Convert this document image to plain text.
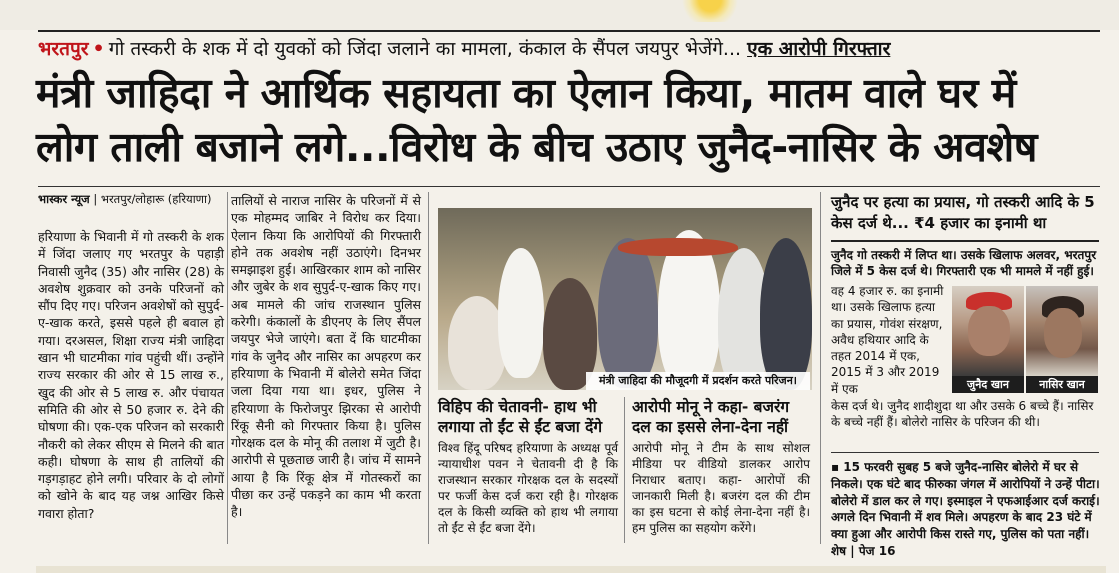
भरतपुर • गो तस्करी के शक में दो युवकों को जिंदा जलाने का मामला, कंकाल के सैंपल जयपुर भेजेंगे... एक आरोपी गिरफ्तार
मंत्री जाहिदा ने आर्थिक सहायता का ऐलान किया, मातम वाले घर में
लोग ताली बजाने लगे...विरोध के बीच उठाए जुनैद-नासिर के अवशेष
भास्कर न्यूज | भरतपुर/लोहारू (हरियाणा)
हरियाणा के भिवानी में गो तस्करी के शक में जिंदा जलाए गए भरतपुर के पहाड़ी निवासी जुनैद (35) और नासिर (28) के अवशेष शुक्रवार को उनके परिजनों को सौंप दिए गए। परिजन अवशेषों को सुपुर्द-ए-खाक करते, इससे पहले ही बवाल हो गया। दरअसल, शिक्षा राज्य मंत्री जाहिदा खान भी घाटमीका गांव पहुंची थीं। उन्होंने राज्य सरकार की ओर से 15 लाख रु., खुद की ओर से 5 लाख रु. और पंचायत समिति की ओर से 50 हजार रु. देने की घोषणा की। एक-एक परिजन को सरकारी नौकरी को लेकर सीएम से मिलने की बात कही। घोषणा के साथ ही तालियों की गड़गड़ाहट होने लगी। परिवार के दो लोगों को खोने के बाद यह जश्न आखिर किसे गवारा होता?
तालियों से नाराज नासिर के परिजनों में से एक मोहम्मद जाबिर ने विरोध कर दिया। ऐलान किया कि आरोपियों की गिरफ्तारी होने तक अवशेष नहीं उठाएंगे। दिनभर समझाइश हुई। आखिरकार शाम को नासिर और जुबेर के शव सुपुर्द-ए-खाक किए गए। अब मामले की जांच राजस्थान पुलिस करेगी। कंकालों के डीएनए के लिए सैंपल जयपुर भेजे जाएंगे। बता दें कि घाटमीका गांव के जुनैद और नासिर का अपहरण कर हरियाणा के भिवानी में बोलेरो समेत जिंदा जला दिया गया था। इधर, पुलिस ने हरियाणा के फिरोजपुर झिरका से आरोपी रिंकू सैनी को गिरफ्तार किया है। पुलिस गोरक्षक दल के मोनू की तलाश में जुटी है। आरोपी से पूछताछ जारी है। जांच में सामने आया है कि रिंकू क्षेत्र में गोतस्करों का पीछा कर उन्हें पकड़ने का काम भी करता है।
मंत्री जाहिदा की मौजूदगी में प्रदर्शन करते परिजन।
विहिप की चेतावनी- हाथ भी लगाया तो ईंट से ईंट बजा देंगे
विश्व हिंदू परिषद हरियाणा के अध्यक्ष पूर्व न्यायाधीश पवन ने चेतावनी दी है कि राजस्थान सरकार गोरक्षक दल के सदस्यों पर फर्जी केस दर्ज करा रही है। गोरक्षक दल के किसी व्यक्ति को हाथ भी लगाया तो ईंट से ईंट बजा देंगे।
आरोपी मोनू ने कहा- बजरंग दल का इससे लेना-देना नहीं
आरोपी मोनू ने टीम के साथ सोशल मीडिया पर वीडियो डालकर आरोप निराधार बताए। कहा- आरोपों की जानकारी मिली है। बजरंग दल की टीम का इस घटना से कोई लेना-देना नहीं है। हम पुलिस का सहयोग करेंगे।
जुनैद पर हत्या का प्रयास, गो तस्करी आदि के 5 केस दर्ज थे... ₹4 हजार का इनामी था
जुनैद गो तस्करी में लिप्त था। उसके खिलाफ अलवर, भरतपुर जिले में 5 केस दर्ज थे। गिरफ्तारी एक भी मामले में नहीं हुई।
वह 4 हजार रु. का इनामी था। उसके खिलाफ हत्या का प्रयास, गोवंश संरक्षण, अवैध हथियार आदि के तहत 2014 में एक, 2015 में 3 और 2019 में एक	जुनैद खान	नासिर खान
केस दर्ज थे। जुनैद शादीशुदा था और उसके 6 बच्चे हैं। नासिर के बच्चे नहीं हैं। बोलेरो नासिर के परिजन की थी।
▪ 15 फरवरी सुबह 5 बजे जुनैद-नासिर बोलेरो में घर से निकले। एक घंटे बाद फीरुका जंगल में आरोपियों ने उन्हें पीटा। बोलेरो में डाल कर ले गए। इस्माइल ने एफआईआर दर्ज कराई। अगले दिन भिवानी में शव मिले। अपहरण के बाद 23 घंटे में क्या हुआ और आरोपी किस रास्ते गए, पुलिस को पता नहीं। शेष | पेज 16
